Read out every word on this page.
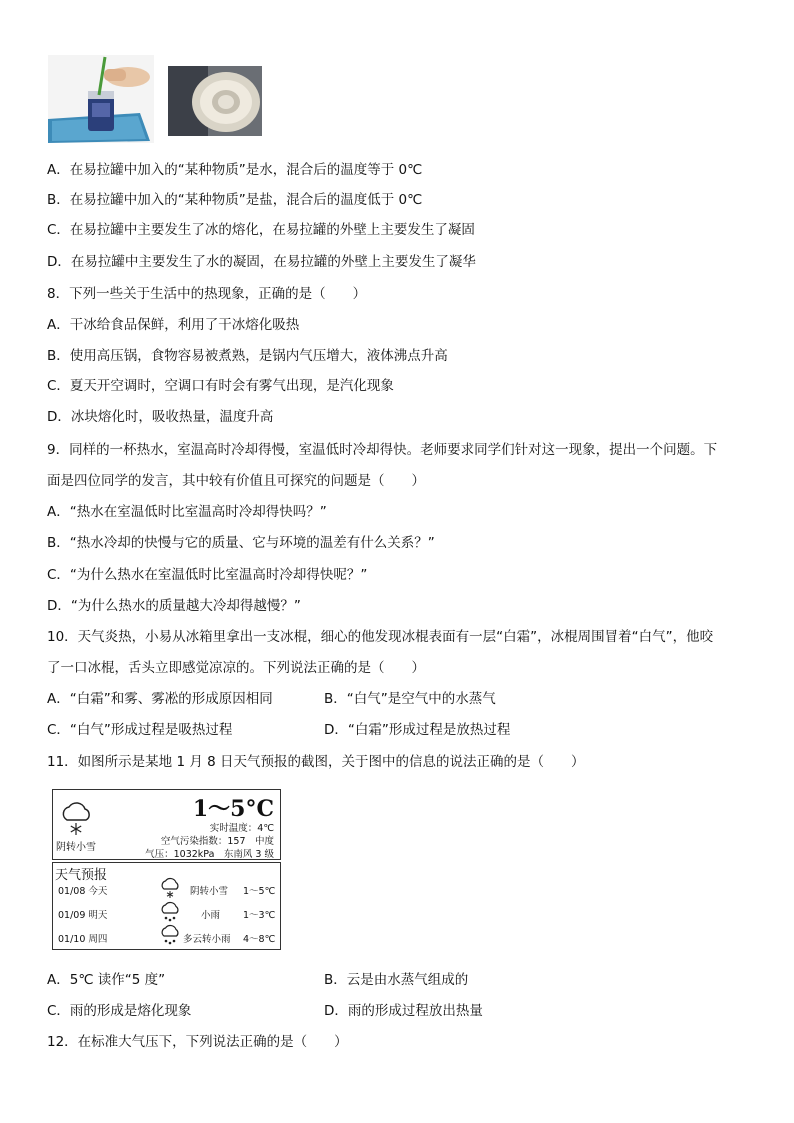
A．在易拉罐中加入的“某种物质”是水，混合后的温度等于 0℃
B．在易拉罐中加入的“某种物质”是盐，混合后的温度低于 0℃
C．在易拉罐中主要发生了冰的熔化，在易拉罐的外壁上主要发生了凝固
D．在易拉罐中主要发生了水的凝固，在易拉罐的外壁上主要发生了凝华
8．下列一些关于生活中的热现象，正确的是（　　）
A．干冰给食品保鲜，利用了干冰熔化吸热
B．使用高压锅，食物容易被煮熟，是锅内气压增大，液体沸点升高
C．夏天开空调时，空调口有时会有雾气出现，是汽化现象
D．冰块熔化时，吸收热量，温度升高
9．同样的一杯热水，室温高时冷却得慢，室温低时冷却得快。老师要求同学们针对这一现象，提出一个问题。下
面是四位同学的发言，其中较有价值且可探究的问题是（　　）
A．“热水在室温低时比室温高时冷却得快吗？”
B．“热水冷却的快慢与它的质量、它与环境的温差有什么关系？”
C．“为什么热水在室温低时比室温高时冷却得快呢？”
D．“为什么热水的质量越大冷却得越慢？”
10．天气炎热，小易从冰箱里拿出一支冰棍，细心的他发现冰棍表面有一层“白霜”，冰棍周围冒着“白气”，他咬
了一口冰棍，舌头立即感觉凉凉的。下列说法正确的是（　　）
A．“白霜”和雾、雾凇的形成原因相同	B．“白气”是空气中的水蒸气
C．“白气”形成过程是吸热过程	D．“白霜”形成过程是放热过程
11．如图所示是某地 1 月 8 日天气预报的截图，关于图中的信息的说法正确的是（　　）
1～5°C
实时温度：4℃
空气污染指数：157　中度
气压：1032kPa　东南风 3 级
阴转小雪
天气预报
01/08 今天	阴转小雪 1～5℃
01/09 明天	小雨 1～3℃
01/10 周四	多云转小雨 4～8℃
A．5℃ 读作“5 度”	B．云是由水蒸气组成的
C．雨的形成是熔化现象	D．雨的形成过程放出热量
12．在标准大气压下，下列说法正确的是（　　）
